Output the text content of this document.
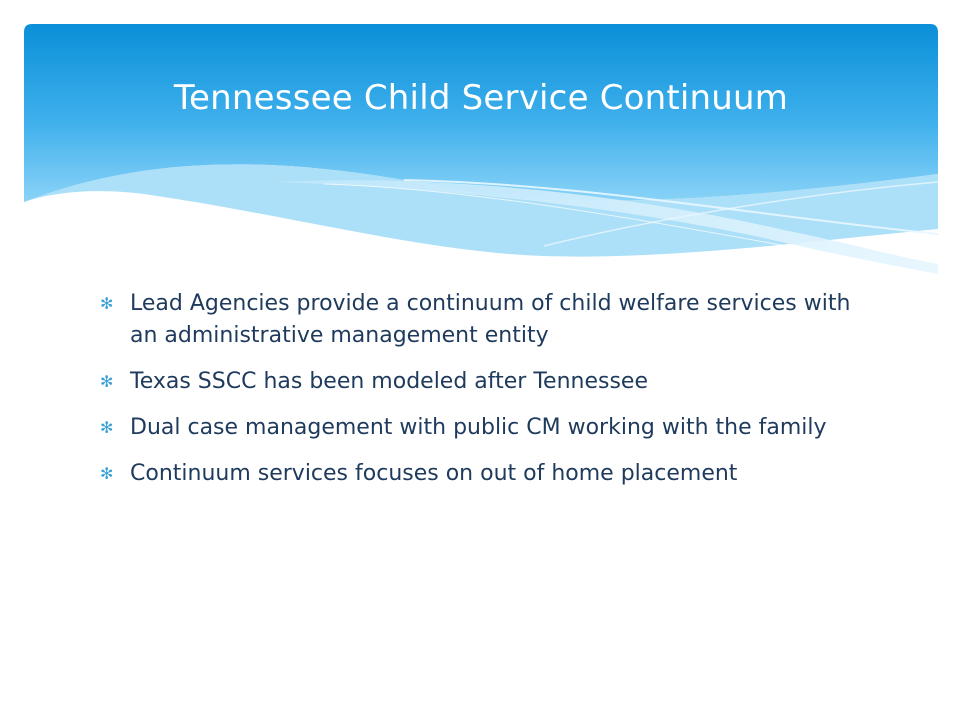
Tennessee Child Service Continuum
✻ Lead Agencies provide a continuum of child welfare services with an administrative management entity
✻ Texas SSCC has been modeled after Tennessee
✻ Dual case management with public CM working with the family
✻ Continuum services focuses on out of home placement
